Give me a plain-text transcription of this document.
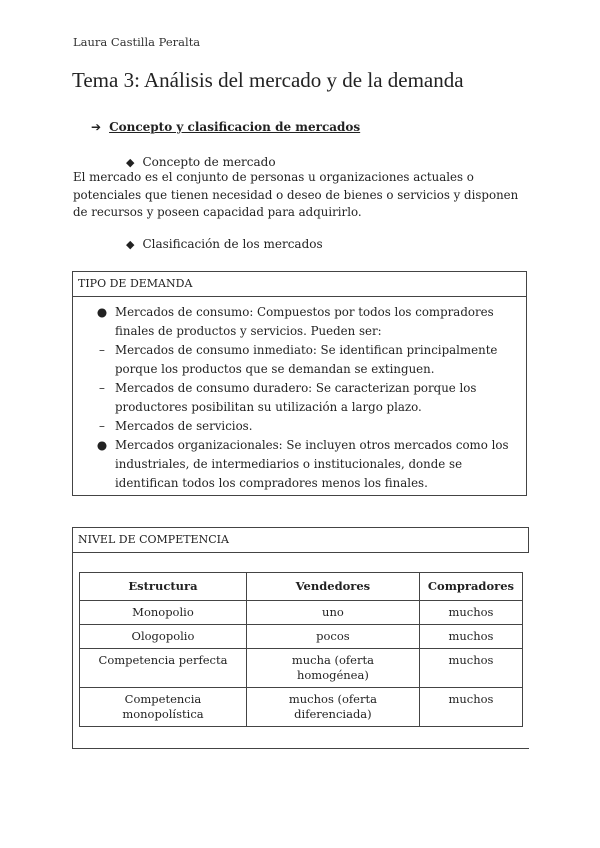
Laura Castilla Peralta
Tema 3: Análisis del mercado y de la demanda
➔ Concepto y clasificacion de mercados
◆ Concepto de mercado
El mercado es el conjunto de personas u organizaciones actuales o potenciales que tienen necesidad o deseo de bienes o servicios y disponen de recursos y poseen capacidad para adquirirlo.
◆ Clasificación de los mercados
TIPO DE DEMANDA
● Mercados de consumo: Compuestos por todos los compradores finales de productos y servicios. Pueden ser:
– Mercados de consumo inmediato: Se identifican principalmente porque los productos que se demandan se extinguen.
– Mercados de consumo duradero: Se caracterizan porque los productores posibilitan su utilización a largo plazo.
– Mercados de servicios.
● Mercados organizacionales: Se incluyen otros mercados como los industriales, de intermediarios o institucionales, donde se identifican todos los compradores menos los finales.
NIVEL DE COMPETENCIA
Estructura	Vendedores	Compradores
Monopolio	uno	muchos
Ologopolio	pocos	muchos
Competencia perfecta	mucha (oferta homogénea)	muchos
Competencia monopolística	muchos (oferta diferenciada)	muchos
